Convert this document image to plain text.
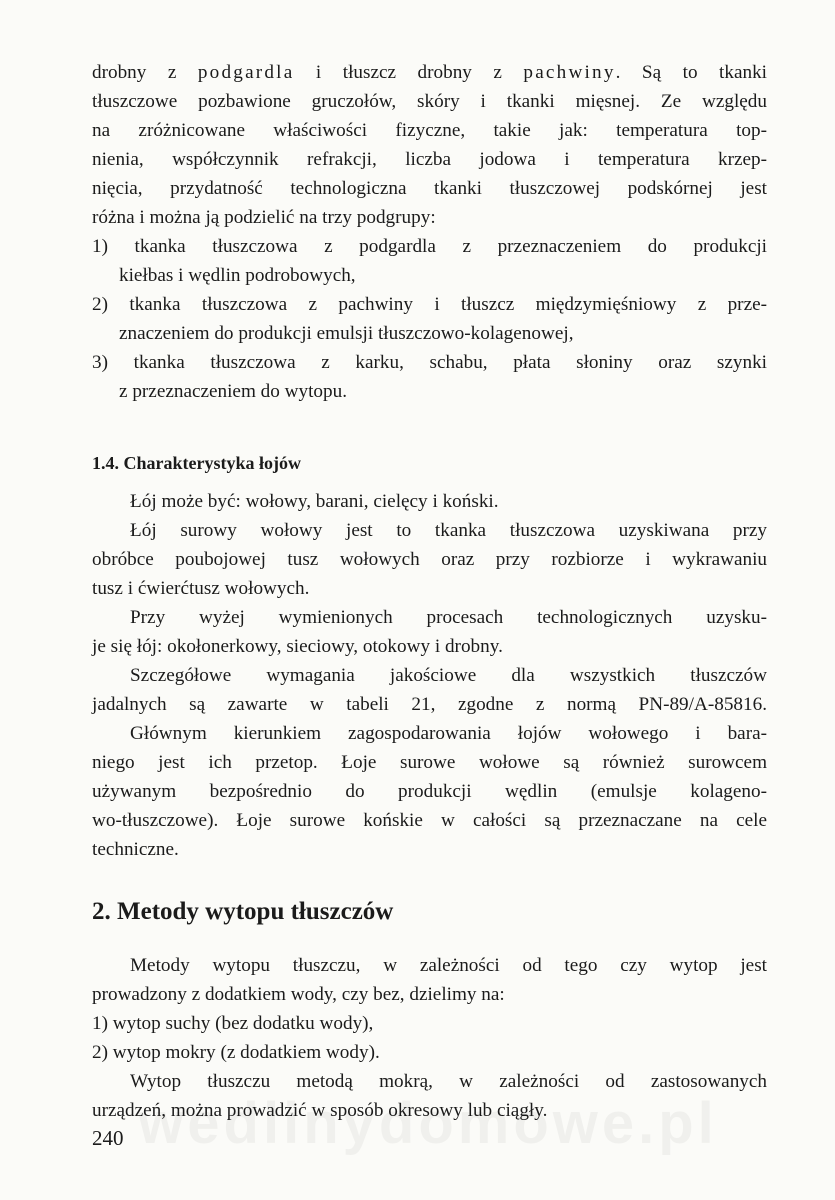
drobny z podgardla i tłuszcz drobny z pachwiny. Są to tkanki
tłuszczowe pozbawione gruczołów, skóry i tkanki mięsnej. Ze względu
na zróżnicowane właściwości fizyczne, takie jak: temperatura top-
nienia, współczynnik refrakcji, liczba jodowa i temperatura krzep-
nięcia, przydatność technologiczna tkanki tłuszczowej podskórnej jest
różna i można ją podzielić na trzy podgrupy:
1) tkanka tłuszczowa z podgardla z przeznaczeniem do produkcji
kiełbas i wędlin podrobowych,
2) tkanka tłuszczowa z pachwiny i tłuszcz międzymięśniowy z prze-
znaczeniem do produkcji emulsji tłuszczowo-kolagenowej,
3) tkanka tłuszczowa z karku, schabu, płata słoniny oraz szynki
z przeznaczeniem do wytopu.
1.4. Charakterystyka łojów
Łój może być: wołowy, barani, cielęcy i koński.
Łój surowy wołowy jest to tkanka tłuszczowa uzyskiwana przy
obróbce poubojowej tusz wołowych oraz przy rozbiorze i wykrawaniu
tusz i ćwierćtusz wołowych.
Przy wyżej wymienionych procesach technologicznych uzysku-
je się łój: okołonerkowy, sieciowy, otokowy i drobny.
Szczegółowe wymagania jakościowe dla wszystkich tłuszczów
jadalnych są zawarte w tabeli 21, zgodne z normą PN-89/A-85816.
Głównym kierunkiem zagospodarowania łojów wołowego i bara-
niego jest ich przetop. Łoje surowe wołowe są również surowcem
używanym bezpośrednio do produkcji wędlin (emulsje kolageno-
wo-tłuszczowe). Łoje surowe końskie w całości są przeznaczane na cele
techniczne.
2. Metody wytopu tłuszczów
Metody wytopu tłuszczu, w zależności od tego czy wytop jest
prowadzony z dodatkiem wody, czy bez, dzielimy na:
1) wytop suchy (bez dodatku wody),
2) wytop mokry (z dodatkiem wody).
Wytop tłuszczu metodą mokrą, w zależności od zastosowanych
urządzeń, można prowadzić w sposób okresowy lub ciągły.
240
